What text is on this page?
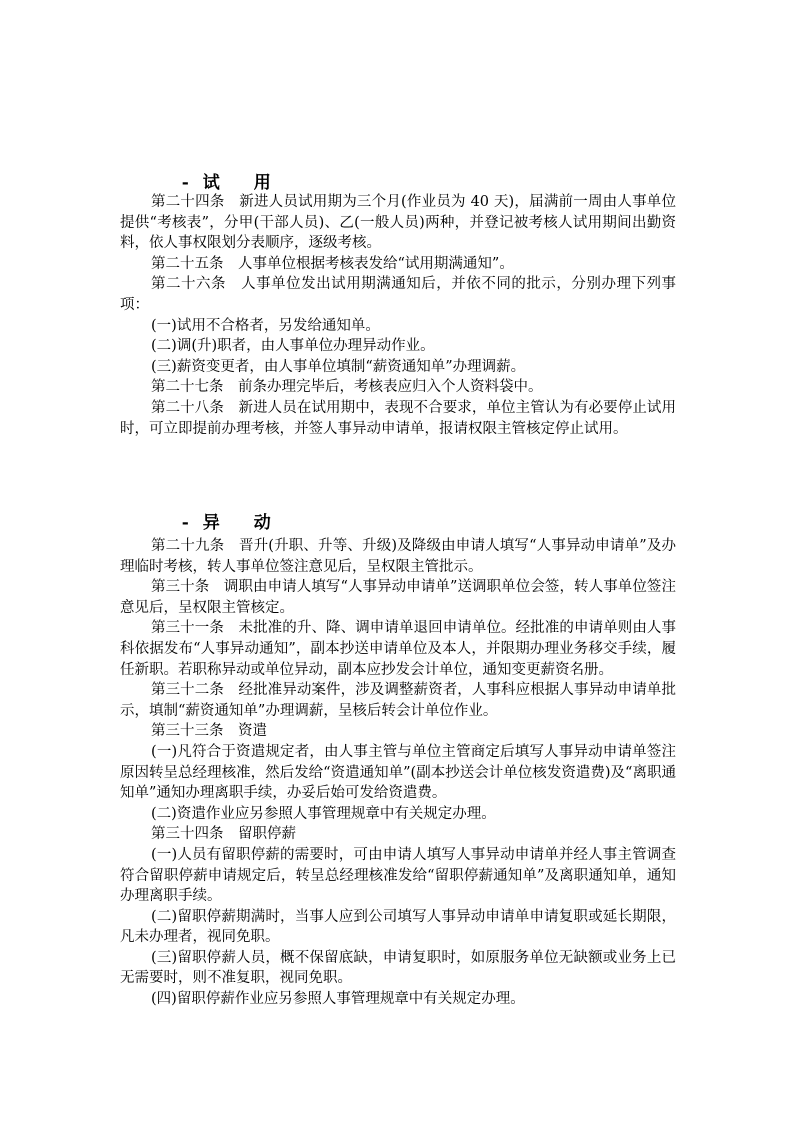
- 试　　用

第二十四条　新进人员试用期为三个月(作业员为 40 天)，届满前一周由人事单位提供“考核表”，分甲(干部人员)、乙(一般人员)两种，并登记被考核人试用期间出勤资料，依人事权限划分表顺序，逐级考核。

第二十五条　人事单位根据考核表发给“试用期满通知”。

第二十六条　人事单位发出试用期满通知后，并依不同的批示，分别办理下列事项：

(一)试用不合格者，另发给通知单。

(二)调(升)职者，由人事单位办理异动作业。

(三)薪资变更者，由人事单位填制“薪资通知单”办理调薪。

第二十七条　前条办理完毕后，考核表应归入个人资料袋中。

第二十八条　新进人员在试用期中，表现不合要求，单位主管认为有必要停止试用时，可立即提前办理考核，并签人事异动申请单，报请权限主管核定停止试用。

- 异　　动

第二十九条　晋升(升职、升等、升级)及降级由申请人填写“人事异动申请单”及办理临时考核，转人事单位签注意见后，呈权限主管批示。

第三十条　调职由申请人填写“人事异动申请单”送调职单位会签，转人事单位签注意见后，呈权限主管核定。

第三十一条　未批准的升、降、调申请单退回申请单位。经批准的申请单则由人事科依据发布“人事异动通知”，副本抄送申请单位及本人，并限期办理业务移交手续，履任新职。若职称异动或单位异动，副本应抄发会计单位，通知变更薪资名册。

第三十二条　经批准异动案件，涉及调整薪资者，人事科应根据人事异动申请单批示，填制“薪资通知单”办理调薪，呈核后转会计单位作业。

第三十三条　资遣

(一)凡符合于资遣规定者，由人事主管与单位主管商定后填写人事异动申请单签注原因转呈总经理核准，然后发给“资遣通知单”(副本抄送会计单位核发资遣费)及“离职通知单”通知办理离职手续，办妥后始可发给资遣费。

(二)资遣作业应另参照人事管理规章中有关规定办理。

第三十四条　留职停薪

(一)人员有留职停薪的需要时，可由申请人填写人事异动申请单并经人事主管调查符合留职停薪申请规定后，转呈总经理核准发给“留职停薪通知单”及离职通知单，通知办理离职手续。

(二)留职停薪期满时，当事人应到公司填写人事异动申请单申请复职或延长期限，凡未办理者，视同免职。

(三)留职停薪人员，概不保留底缺，申请复职时，如原服务单位无缺额或业务上已无需要时，则不准复职，视同免职。

(四)留职停薪作业应另参照人事管理规章中有关规定办理。
